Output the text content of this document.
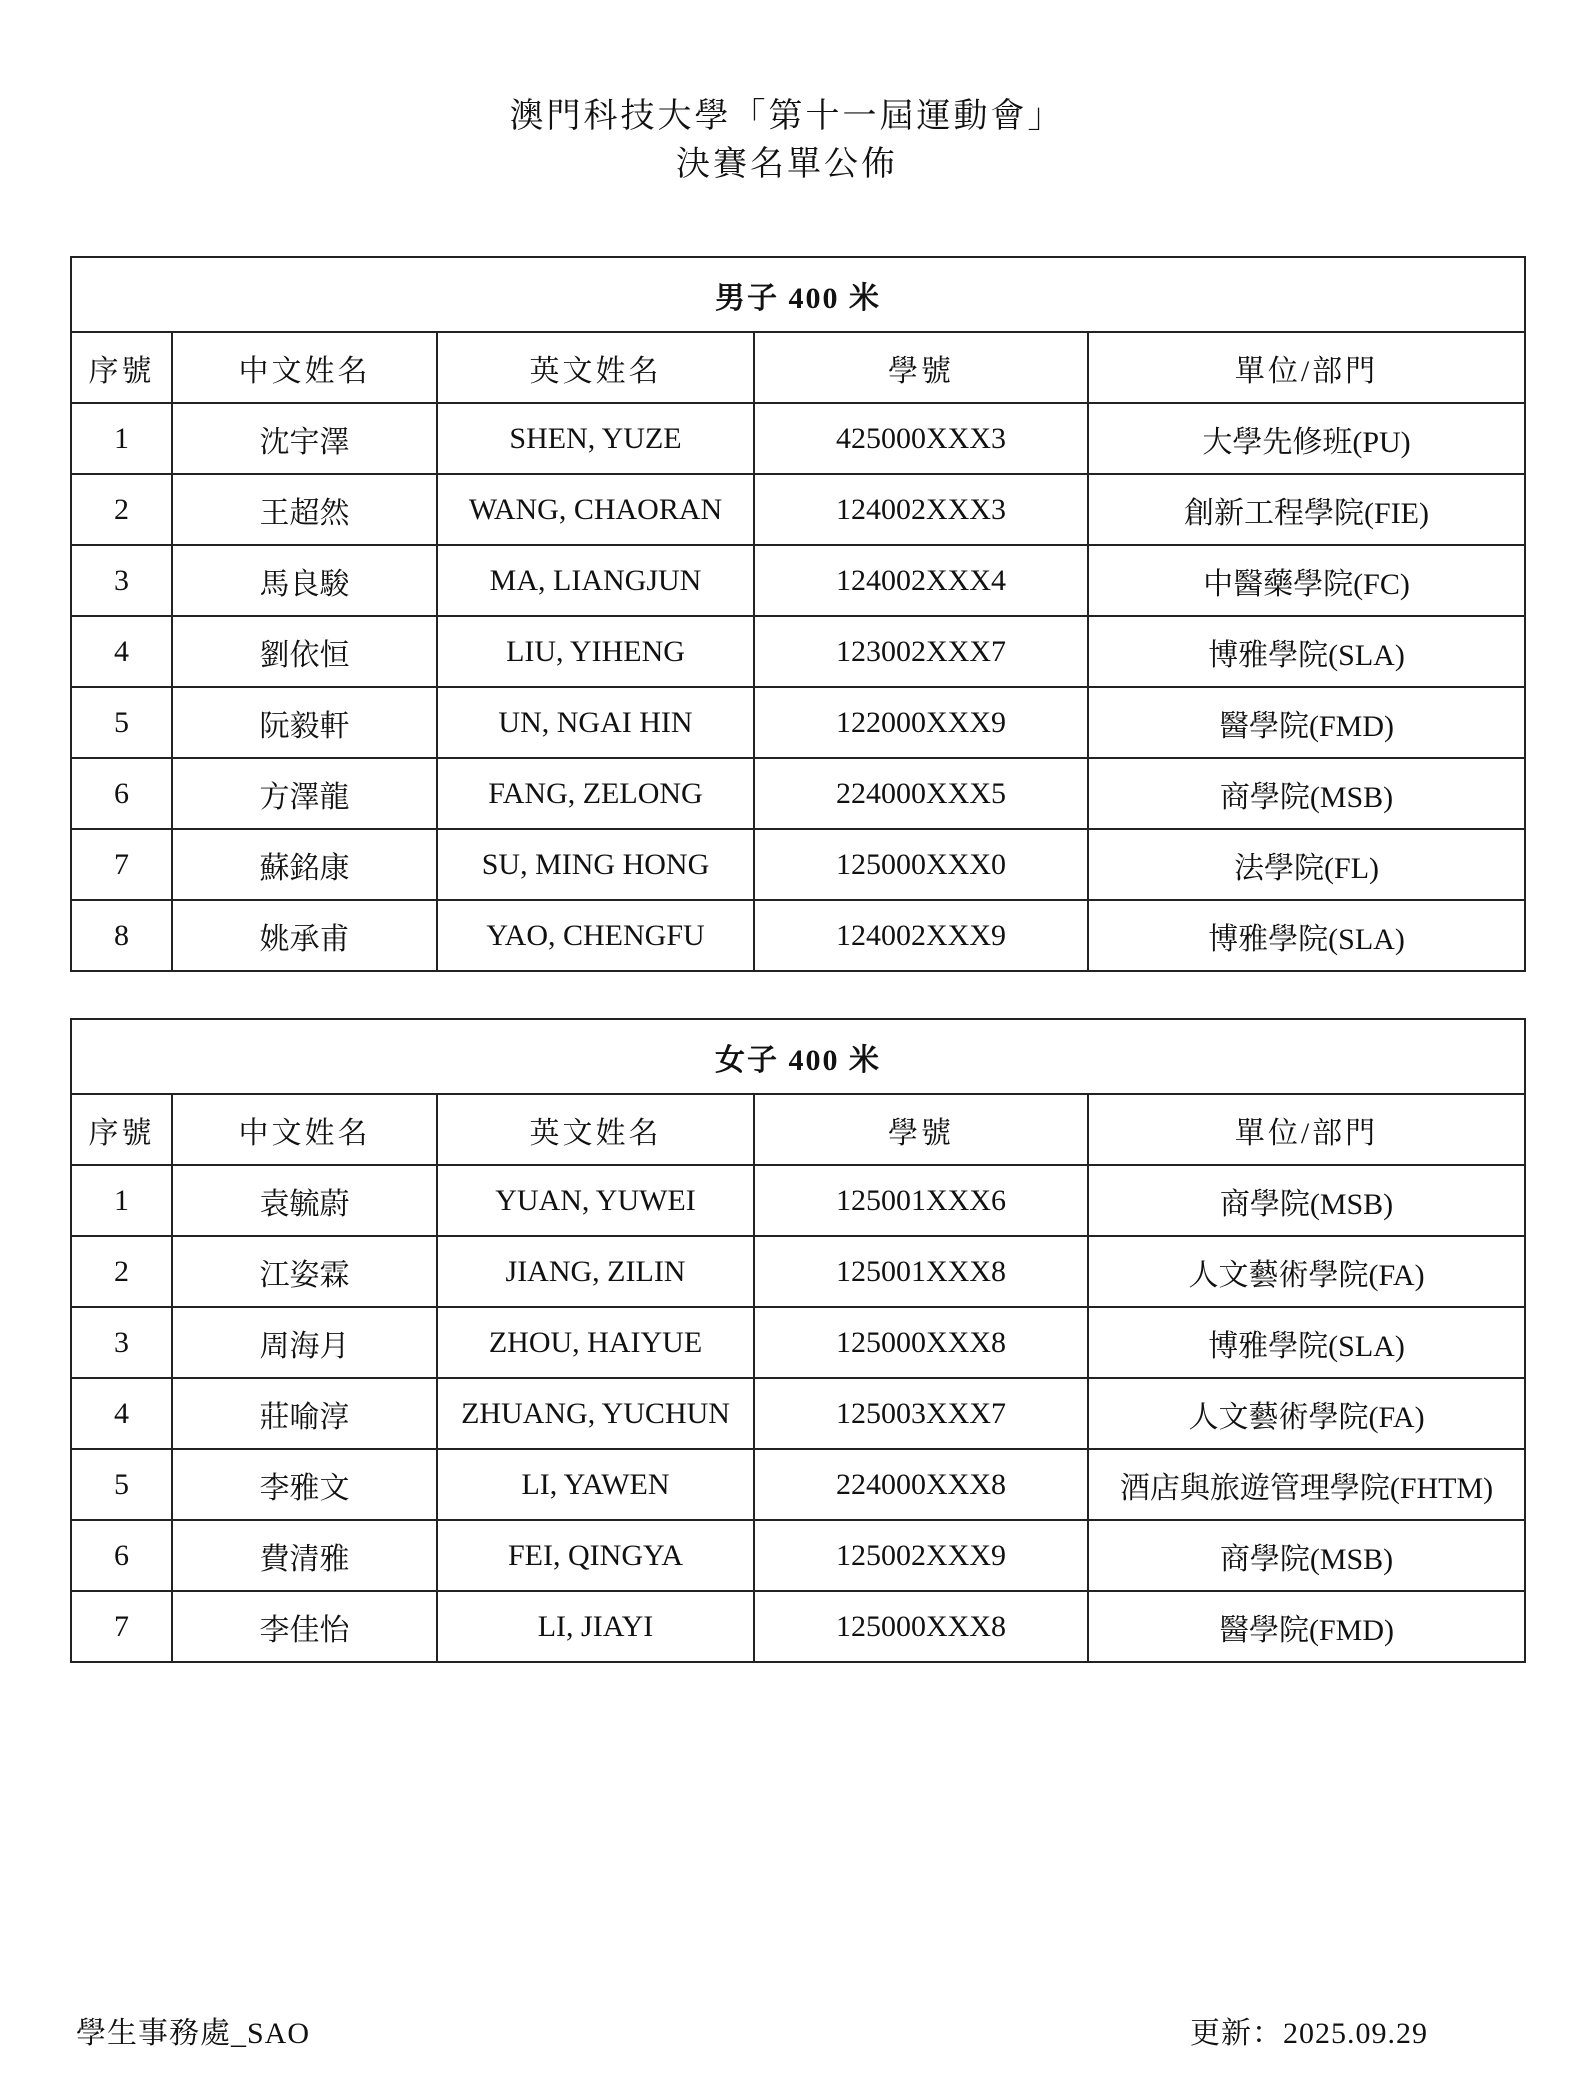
澳門科技大學「第十一屆運動會」
決賽名單公佈
男子 400 米				
序號	中文姓名	英文姓名	學號	單位/部門
1	沈宇澤	SHEN, YUZE	425000XXX3	大學先修班(PU)
2	王超然	WANG, CHAORAN	124002XXX3	創新工程學院(FIE)
3	馬良駿	MA, LIANGJUN	124002XXX4	中醫藥學院(FC)
4	劉依恒	LIU, YIHENG	123002XXX7	博雅學院(SLA)
5	阮毅軒	UN, NGAI HIN	122000XXX9	醫學院(FMD)
6	方澤龍	FANG, ZELONG	224000XXX5	商學院(MSB)
7	蘇銘康	SU, MING HONG	125000XXX0	法學院(FL)
8	姚承甫	YAO, CHENGFU	124002XXX9	博雅學院(SLA)
女子 400 米				
序號	中文姓名	英文姓名	學號	單位/部門
1	袁毓蔚	YUAN, YUWEI	125001XXX6	商學院(MSB)
2	江姿霖	JIANG, ZILIN	125001XXX8	人文藝術學院(FA)
3	周海月	ZHOU, HAIYUE	125000XXX8	博雅學院(SLA)
4	莊喻淳	ZHUANG, YUCHUN	125003XXX7	人文藝術學院(FA)
5	李雅文	LI, YAWEN	224000XXX8	酒店與旅遊管理學院(FHTM)
6	費清雅	FEI, QINGYA	125002XXX9	商學院(MSB)
7	李佳怡	LI, JIAYI	125000XXX8	醫學院(FMD)
學生事務處_SAO	更新：2025.09.29
